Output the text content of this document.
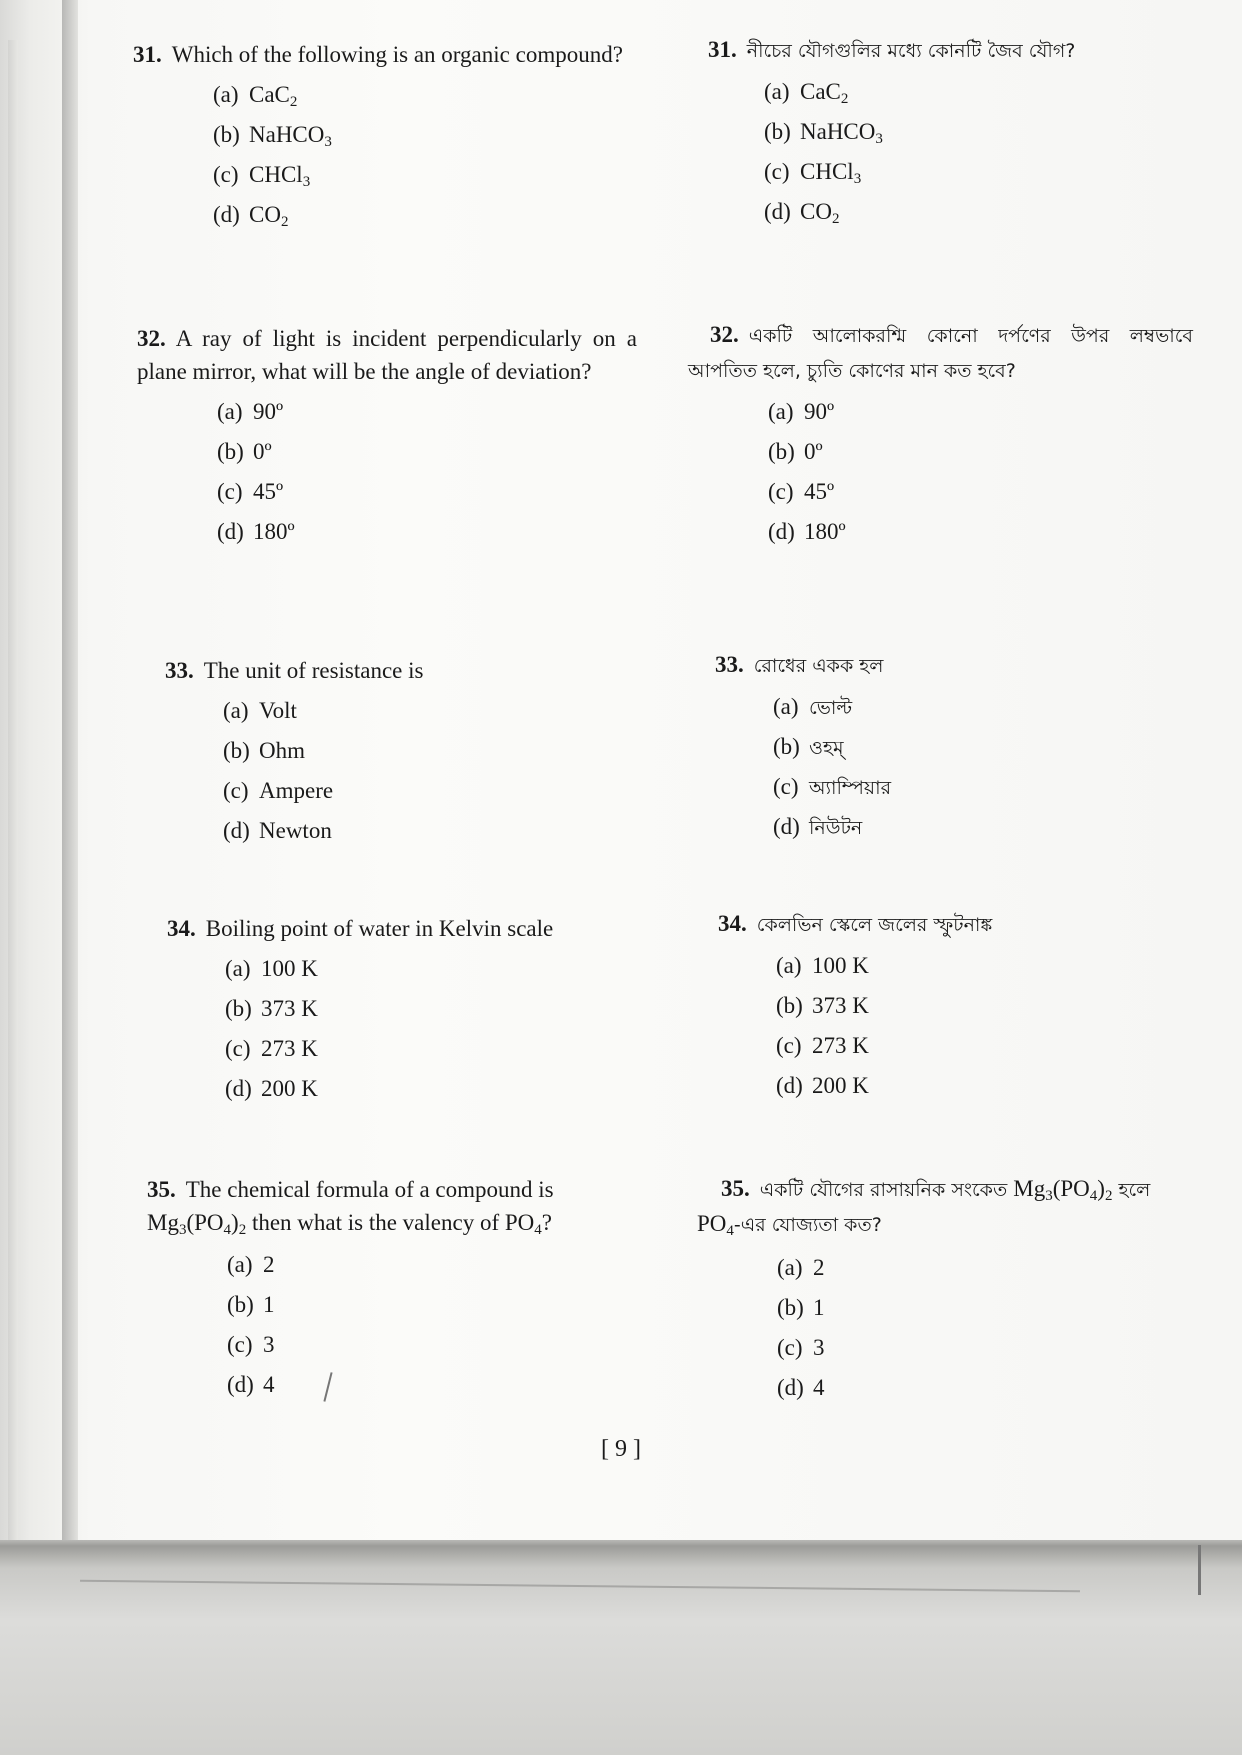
31. Which of the following is an organic compound?
(a) CaC$_2$
(b) NaHCO$_3$
(c) CHCl$_3$
(d) $CO_2$
32. A ray of light is incident perpendicularly on a plane mirror, what will be the angle of deviation?
(a) 90º
(b) 0º
(c) 45º
(d) 180º
33. The unit of resistance is
(a) Volt
(b) Ohm
(c) Ampere
(d) Newton
34. Boiling point of water in Kelvin scale
(a) 100 K
(b) 373 K
(c) 273 K
(d) 200 K
35. The chemical formula of a compound is
$Mg_3(PO_4)_2$ then what is the valency of $PO_4$?
(a) 2
(b) 1
(c) 3
(d) 4
31. নীচের যৌগগুলির মধ্যে কোনটি জৈব যৌগ?
(a) CaC$_2$
(b) NaHCO$_3$
(c) CHCl$_3$
(d) $CO_2$
32. একটি আলোকরশ্মি কোনো দর্পণের উপর লম্বভাবে আপতিত হলে, চ্যুতি কোণের মান কত হবে?
(a) 90º
(b) 0º
(c) 45º
(d) 180º
33. রোধের একক হল
(a) ভোল্ট
(b) ওহম্
(c) অ্যাম্পিয়ার
(d) নিউটন
34. কেলভিন স্কেলে জলের স্ফুটনাঙ্ক
(a) 100 K
(b) 373 K
(c) 273 K
(d) 200 K
35. একটি যৌগের রাসায়নিক সংকেত $Mg_3(PO_4)_2$ হলে
$PO_4-এর$ যোজ্যতা কত?
(a) 2
(b) 1
(c) 3
(d) 4
[ 9 ]
